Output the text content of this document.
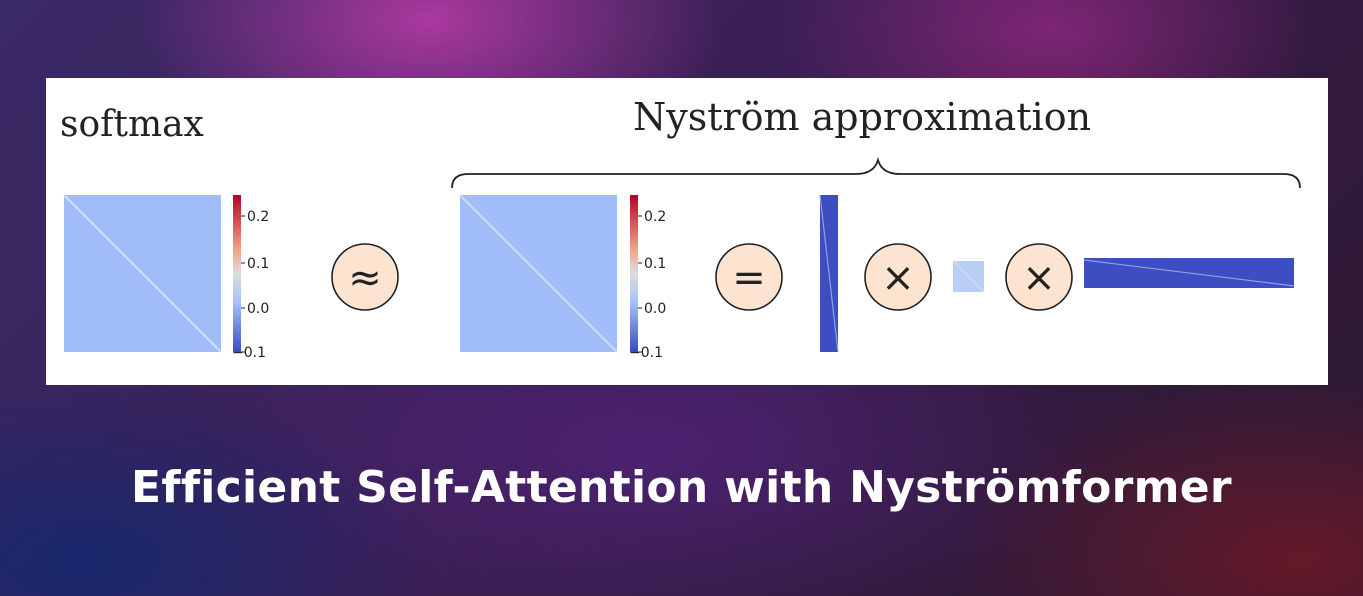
softmax	Nyström approximation
0.2
0.1
0.0
−0.1
≈
0.2
0.1
0.0
−0.1
=	×	×
Efficient Self-Attention with Nyströmformer
